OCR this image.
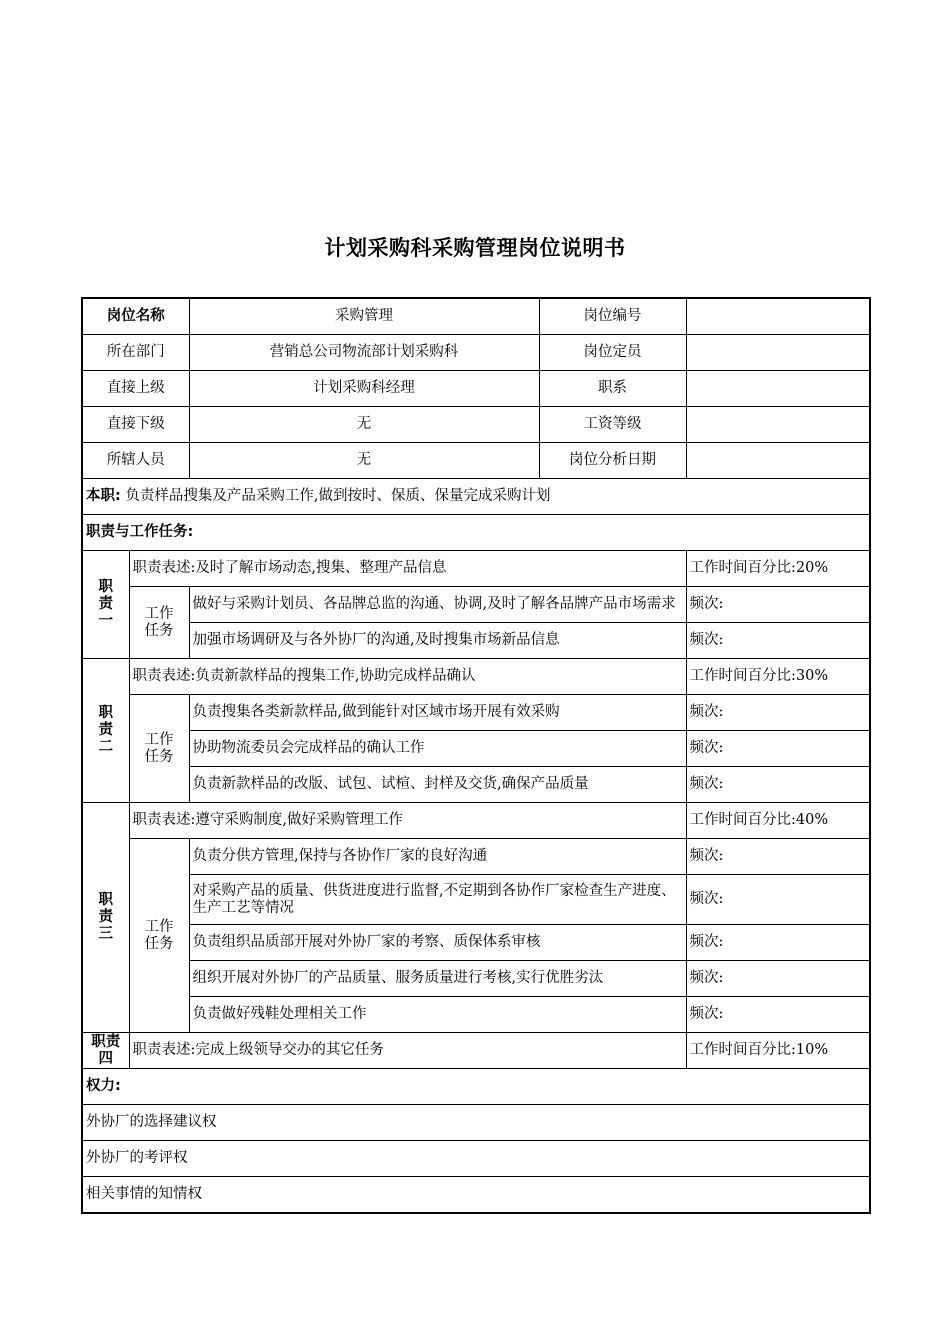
计划采购科采购管理岗位说明书
岗位名称		采购管理	岗位编号	
所在部门		营销总公司物流部计划采购科	岗位定员	
直接上级		计划采购科经理	职系	
直接下级		无	工资等级	
所辖人员		无	岗位分析日期	
本职: 负责样品搜集及产品采购工作,做到按时、保质、保量完成采购计划				
职责与工作任务:				

职
责
一	职责表述:及时了解市场动态,搜集、整理产品信息			工作时间百分比:20%
	工作
任务	做好与采购计划员、各品牌总监的沟通、协调,及时了解各品牌产品市场需求		频次:
		加强市场调研及与各外协厂的沟通,及时搜集市场新品信息		频次:

职
责
二	职责表述:负责新款样品的搜集工作,协助完成样品确认			工作时间百分比:30%
	工作
任务	负责搜集各类新款样品,做到能针对区域市场开展有效采购		频次:
		协助物流委员会完成样品的确认工作		频次:
		负责新款样品的改版、试包、试楦、封样及交货,确保产品质量		频次:

职
责
三	职责表述:遵守采购制度,做好采购管理工作			工作时间百分比:40%
	工作
任务	负责分供方管理,保持与各协作厂家的良好沟通		频次:
		对采购产品的质量、供货进度进行监督,不定期到各协作厂家检查生产进度、生产工艺等情况		频次:
		负责组织品质部开展对外协厂家的考察、质保体系审核		频次:
		组织开展对外协厂的产品质量、服务质量进行考核,实行优胜劣汰		频次:
		负责做好残鞋处理相关工作		频次:

职责
四	职责表述:完成上级领导交办的其它任务			工作时间百分比:10%
权力:				
外协厂的选择建议权				
外协厂的考评权				
相关事情的知情权				
